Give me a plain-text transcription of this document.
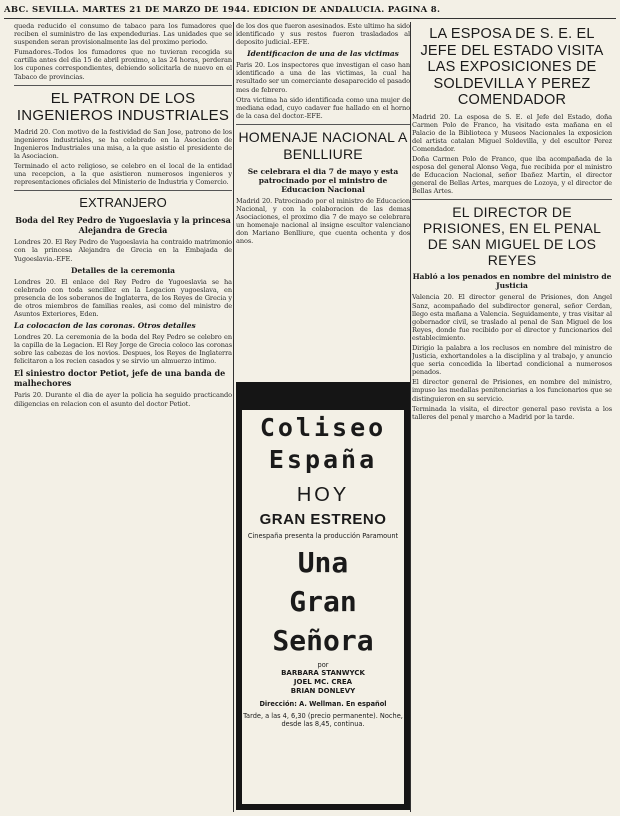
ABC. SEVILLA. MARTES 21 DE MARZO DE 1944. EDICION DE ANDALUCIA. PAGINA 8.

queda reducido el consumo de tabaco para los fumadores que reciben el suministro de las expendedurias. Las unidades que se suspenden seran provisionalmente las del proximo periodo.

Fumadores.-Todos los fumadores que no tuvieran recogida su cartilla antes del dia 15 de abril proximo, a las 24 horas, perderan los cupones correspondientes, debiendo solicitarla de nuevo en el Tabaco de provincias.

EL PATRON DE LOS INGENIEROS INDUSTRIALES

Madrid 20. Con motivo de la festividad de San Jose, patrono de los ingenieros industriales, se ha celebrado en la Asociacion de Ingenieros Industriales una misa, a la que asistio el presidente de la Asociacion.

Terminado el acto religioso, se celebro en el local de la entidad una recepcion, a la que asistieron numerosos ingenieros y representaciones oficiales del Ministerio de Industria y Comercio.

EXTRANJERO
Boda del Rey Pedro de Yugoeslavia y la princesa Alejandra de Grecia

Londres 20. El Rey Pedro de Yugoeslavia ha contraido matrimonio con la princesa Alejandra de Grecia en la Embajada de Yugoeslavia.-EFE.

Detalles de la ceremonia

Londres 20. El enlace del Rey Pedro de Yugoeslavia se ha celebrado con toda sencillez en la Legacion yugoeslava, en presencia de los soberanos de Inglaterra, de los Reyes de Grecia y de otros miembros de familias reales, asi como del ministro de Asuntos Exteriores, Eden.

La colocacion de las coronas. Otros detalles

Londres 20. La ceremonia de la boda del Rey Pedro se celebro en la capilla de la Legacion. El Rey Jorge de Grecia coloco las coronas sobre las cabezas de los novios. Despues, los Reyes de Inglaterra felicitaron a los recien casados y se sirvio un almuerzo intimo.

El siniestro doctor Petiot, jefe de una banda de malhechores

Paris 20. Durante el dia de ayer la policia ha seguido practicando diligencias en relacion con el asunto del doctor Petiot.

de los dos que fueron asesinados. Este ultimo ha sido identificado y sus restos fueron trasladados al deposito judicial.-EFE.

Identificacion de una de las victimas

Paris 20. Los inspectores que investigan el caso han identificado a una de las victimas, la cual ha resultado ser un comerciante desaparecido el pasado mes de febrero.

Otra victima ha sido identificada como una mujer de mediana edad, cuyo cadaver fue hallado en el horno de la casa del doctor.-EFE.

HOMENAJE NACIONAL A BENLLIURE
Se celebrara el dia 7 de mayo y esta patrocinado por el ministro de Educacion Nacional

Madrid 20. Patrocinado por el ministro de Educacion Nacional, y con la colaboracion de las demas Asociaciones, el proximo dia 7 de mayo se celebrara un homenaje nacional al insigne escultor valenciano don Mariano Benlliure, que cuenta ochenta y dos anos.

Coliseo
España
HOY
GRAN ESTRENO
Cinespaña presenta la producción Paramount
Una
Gran
Señora
por
BARBARA STANWYCK
JOEL MC. CREA
BRIAN DONLEVY
Dirección: A. Wellman. En español
Tarde, a las 4, 6,30 (precio permanente). Noche, desde las 8,45, continua.
LA ESPOSA DE S. E. EL JEFE DEL ESTADO VISITA LAS EXPOSICIONES DE SOLDEVILLA Y PEREZ COMENDADOR

Madrid 20. La esposa de S. E. el Jefe del Estado, doña Carmen Polo de Franco, ha visitado esta mañana en el Palacio de la Biblioteca y Museos Nacionales la exposicion del artista catalan Miguel Soldevilla, y del escultor Perez Comendador.

Doña Carmen Polo de Franco, que iba acompañada de la esposa del general Alonso Vega, fue recibida por el ministro de Educacion Nacional, señor Ibañez Martin, el director general de Bellas Artes, marques de Lozoya, y el director de Bellas Artes.

EL DIRECTOR DE PRISIONES, EN EL PENAL DE SAN MIGUEL DE LOS REYES
Habló a los penados en nombre del ministro de Justicia

Valencia 20. El director general de Prisiones, don Angel Sanz, acompañado del subdirector general, señor Cerdan, llego esta mañana a Valencia. Seguidamente, y tras visitar al gobernador civil, se traslado al penal de San Miguel de los Reyes, donde fue recibido por el director y funcionarios del establecimiento.

Dirigio la palabra a los reclusos en nombre del ministro de Justicia, exhortandoles a la disciplina y al trabajo, y anuncio que seria concedida la libertad condicional a numerosos penados.

El director general de Prisiones, en nombre del ministro, impuso las medallas penitenciarias a los funcionarios que se distinguieron en su servicio.

Terminada la visita, el director general paso revista a los talleres del penal y marcho a Madrid por la tarde.
